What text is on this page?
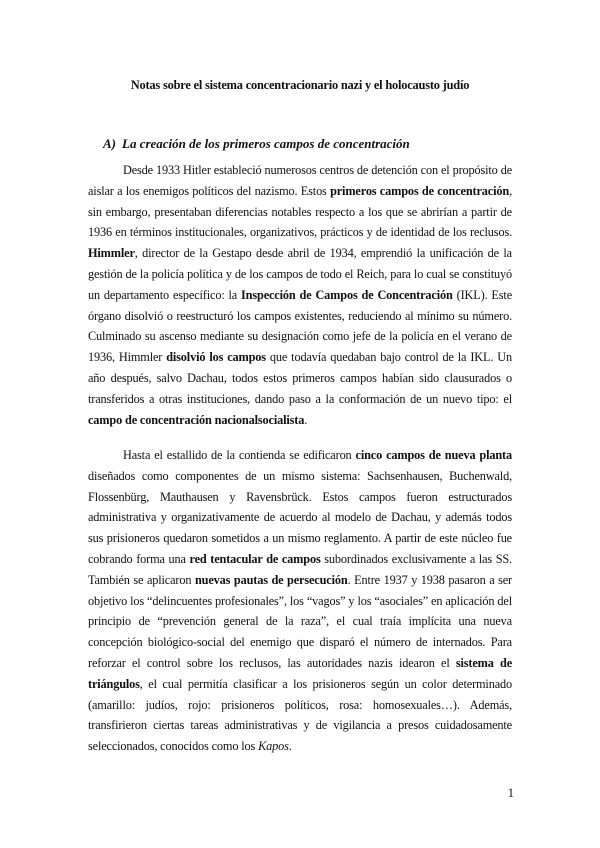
Notas sobre el sistema concentracionario nazi y el holocausto judío
A) La creación de los primeros campos de concentración

Desde 1933 Hitler estableció numerosos centros de detención con el propósito de aislar a los enemigos políticos del nazismo. Estos primeros campos de concentración, sin embargo, presentaban diferencias notables respecto a los que se abrirían a partir de 1936 en términos institucionales, organizativos, prácticos y de identidad de los reclusos. Himmler, director de la Gestapo desde abril de 1934, emprendió la unificación de la gestión de la policía política y de los campos de todo el Reich, para lo cual se constituyó un departamento específico: la Inspección de Campos de Concentración (IKL). Este órgano disolvió o reestructuró los campos existentes, reduciendo al mínimo su número. Culminado su ascenso mediante su designación como jefe de la policía en el verano de 1936, Himmler disolvió los campos que todavía quedaban bajo control de la IKL. Un año después, salvo Dachau, todos estos primeros campos habían sido clausurados o transferidos a otras instituciones, dando paso a la conformación de un nuevo tipo: el campo de concentración nacionalsocialista.

Hasta el estallido de la contienda se edificaron cinco campos de nueva planta diseñados como componentes de un mismo sistema: Sachsenhausen, Buchenwald, Flossenbürg, Mauthausen y Ravensbrück. Estos campos fueron estructurados administrativa y organizativamente de acuerdo al modelo de Dachau, y además todos sus prisioneros quedaron sometidos a un mismo reglamento. A partir de este núcleo fue cobrando forma una red tentacular de campos subordinados exclusivamente a las SS. También se aplicaron nuevas pautas de persecución. Entre 1937 y 1938 pasaron a ser objetivo los “delincuentes profesionales”, los “vagos” y los “asociales” en aplicación del principio de “prevención general de la raza”, el cual traía implícita una nueva concepción biológico-social del enemigo que disparó el número de internados. Para reforzar el control sobre los reclusos, las autoridades nazis idearon el sistema de triángulos, el cual permitía clasificar a los prisioneros según un color determinado (amarillo: judíos, rojo: prisioneros políticos, rosa: homosexuales…). Además, transfirieron ciertas tareas administrativas y de vigilancia a presos cuidadosamente seleccionados, conocidos como los Kapos.

1
